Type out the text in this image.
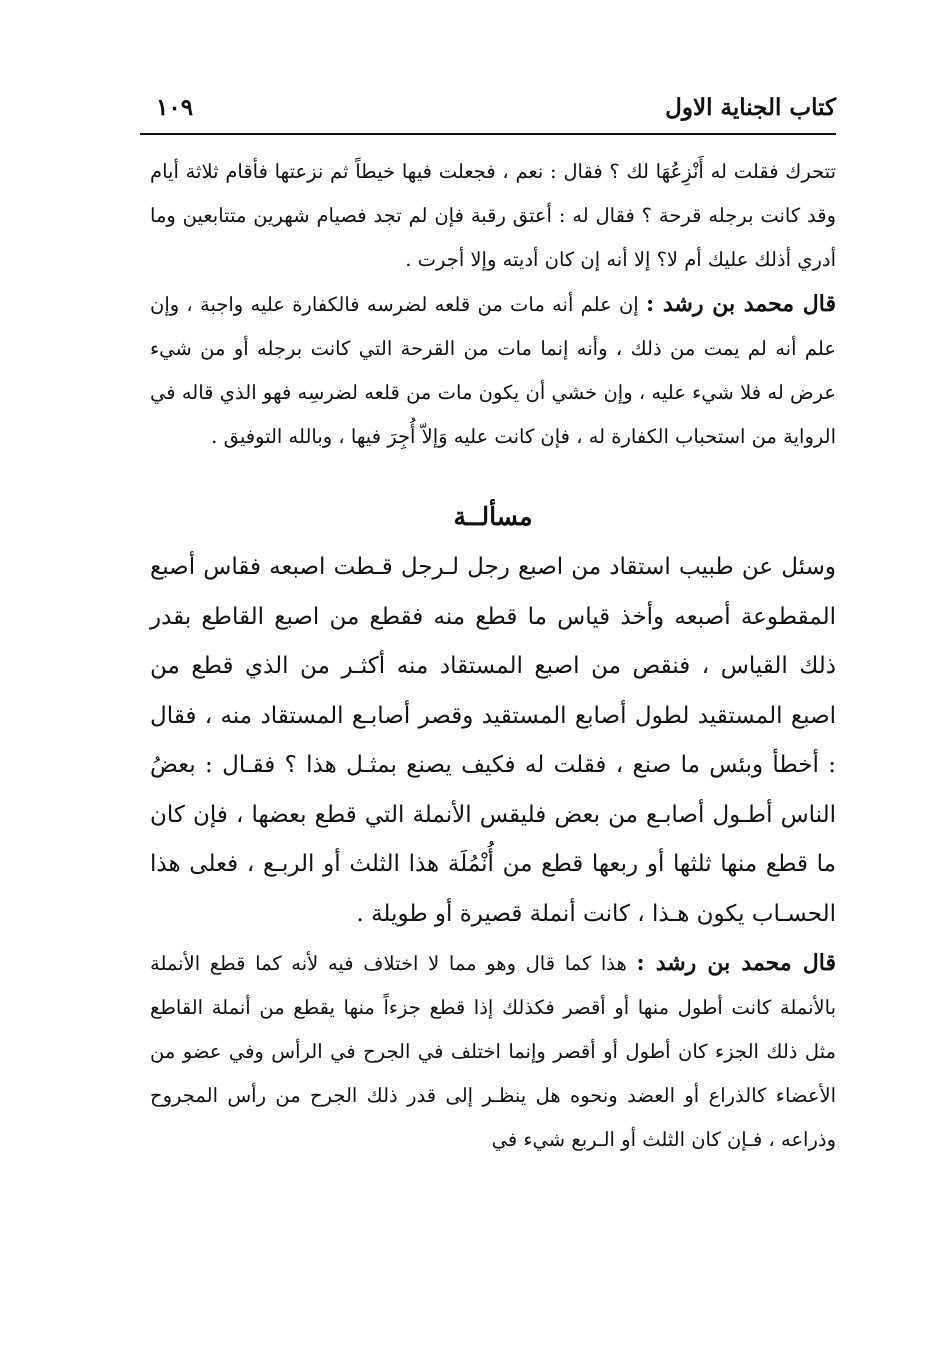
كتاب الجناية الاول
١٠٩

تتحرك فقلت له أَنْزِعُهَا لك ؟ فقال : نعم ، فجعلت فيها خيطاً ثم نزعتها فأقام ثلاثة أيام وقد كانت برجله قرحة ؟ فقال له : أعتق رقبة فإن لم تجد فصيام شهرين متتابعين وما أدري أذلك عليك أم لا؟ إلا أنه إن كان أديته وإلا أجرت .

قال محمد بن رشد : إن علم أنه مات من قلعه لضرسه فالكفارة عليه واجبة ، وإن علم أنه لم يمت من ذلك ، وأنه إنما مات من القرحة التي كانت برجله أو من شيء عرض له فلا شيء عليه ، وإن خشي أن يكون مات من قلعه لضرسِه فهو الذي قاله في الرواية من استحباب الكفارة له ، فإن كانت عليه وَإلاّ أُجِرَ فيها ، وبالله التوفيق .

مسألــة

وسئل عن طبيب استقاد من اصبع رجل لـرجل قـطت اصبعه فقاس أصبع المقطوعة أصبعه وأخذ قياس ما قطع منه فقطع من اصبع القاطع بقدر ذلك القياس ، فنقص من اصبع المستقاد منه أكثـر من الذي قطع من اصبع المستقيد لطول أصابع المستقيد وقصر أصابـع المستقاد منه ، فقال : أخطأ وبئس ما صنع ، فقلت له فكيف يصنع بمثـل هذا ؟ فقـال : بعضُ الناس أطـول أصابـع من بعض فليقس الأنملة التي قطع بعضها ، فإن كان ما قطع منها ثلثها أو ربعها قطع من أُنْمُلَة هذا الثلث أو الربـع ، فعلى هذا الحسـاب يكون هـذا ، كانت أنملة قصيرة أو طويلة .

قال محمد بن رشد : هذا كما قال وهو مما لا اختلاف فيه لأنه كما قطع الأنملة بالأنملة كانت أطول منها أو أقصر فكذلك إذا قطع جزءاً منها يقطع من أنملة القاطع مثل ذلك الجزء كان أطول أو أقصر وإنما اختلف في الجرح في الرأس وفي عضو من الأعضاء كالذراع أو العضد ونحوه هل ينظـر إلى قدر ذلك الجرح من رأس المجروح وذراعه ، فـإن كان الثلث أو الـربع شيء في
